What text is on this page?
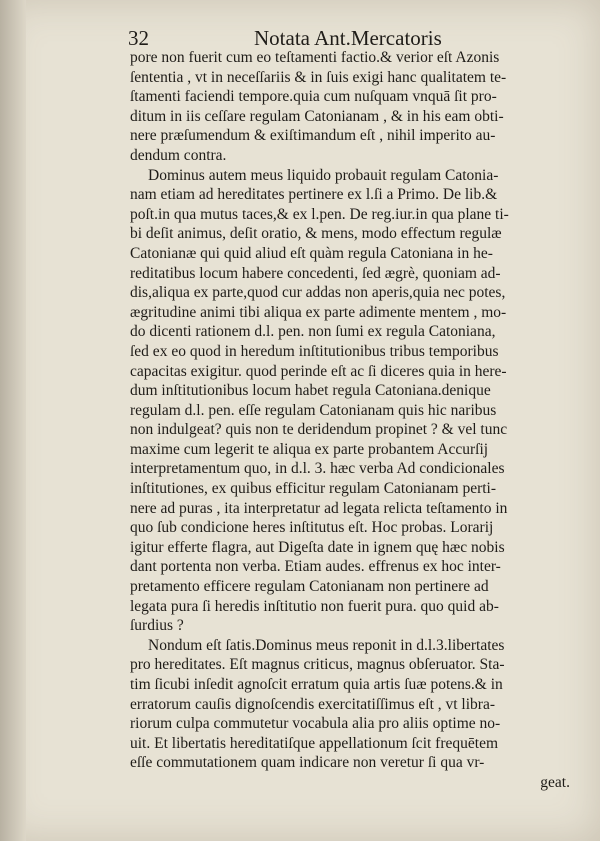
32	Notata Ant.Mercatoris
pore non fuerit cum eo teſtamenti factio.& verior eſt Azonis
ſententia , vt in neceſſariis & in ſuis exigi hanc qualitatem te-
ſtamenti faciendi tempore.quia cum nuſquam vnquā ſit pro-
ditum in iis ceſſare regulam Catonianam , & in his eam obti-
nere præſumendum & exiſtimandum eſt , nihil imperito au-
dendum contra.
Dominus autem meus liquido probauit regulam Catonia-
nam etiam ad hereditates pertinere ex l.ſi a Primo. De lib.&
poſt.in qua mutus taces,& ex l.pen. De reg.iur.in qua plane ti-
bi deſit animus, deſit oratio, & mens, modo effectum regulæ
Catonianæ qui quid aliud eſt quàm regula Catoniana in he-
reditatibus locum habere concedenti, ſed ægrè, quoniam ad-
dis,aliqua ex parte,quod cur addas non aperis,quia nec potes,
ægritudine animi tibi aliqua ex parte adimente mentem , mo-
do dicenti rationem d.l. pen. non ſumi ex regula Catoniana,
ſed ex eo quod in heredum inſtitutionibus tribus temporibus
capacitas exigitur. quod perinde eſt ac ſi diceres quia in here-
dum inſtitutionibus locum habet regula Catoniana.denique
regulam d.l. pen. eſſe regulam Catonianam quis hic naribus
non indulgeat? quis non te deridendum propinet ? & vel tunc
maxime cum legerit te aliqua ex parte probantem Accurſij
interpretamentum quo, in d.l. 3. hæc verba Ad condicionales
inſtitutiones, ex quibus efficitur regulam Catonianam perti-
nere ad puras , ita interpretatur ad legata relicta teſtamento in
quo ſub condicione heres inſtitutus eſt. Hoc probas. Lorarij
igitur efferte flagra, aut Digeſta date in ignem quę hæc nobis
dant portenta non verba. Etiam audes. effrenus ex hoc inter-
pretamento efficere regulam Catonianam non pertinere ad
legata pura ſi heredis inſtitutio non fuerit pura. quo quid ab-
ſurdius ?
Nondum eſt ſatis.Dominus meus reponit in d.l.3.libertates
pro hereditates. Eſt magnus criticus, magnus obſeruator. Sta-
tim ſicubi inſedit agnoſcit erratum quia artis ſuæ potens.& in
erratorum cauſis dignoſcendis exercitatiſſimus eſt , vt libra-
riorum culpa commutetur vocabula alia pro aliis optime no-
uit. Et libertatis hereditatiſque appellationum ſcit frequētem
eſſe commutationem quam indicare non veretur ſi qua vr-
geat.
